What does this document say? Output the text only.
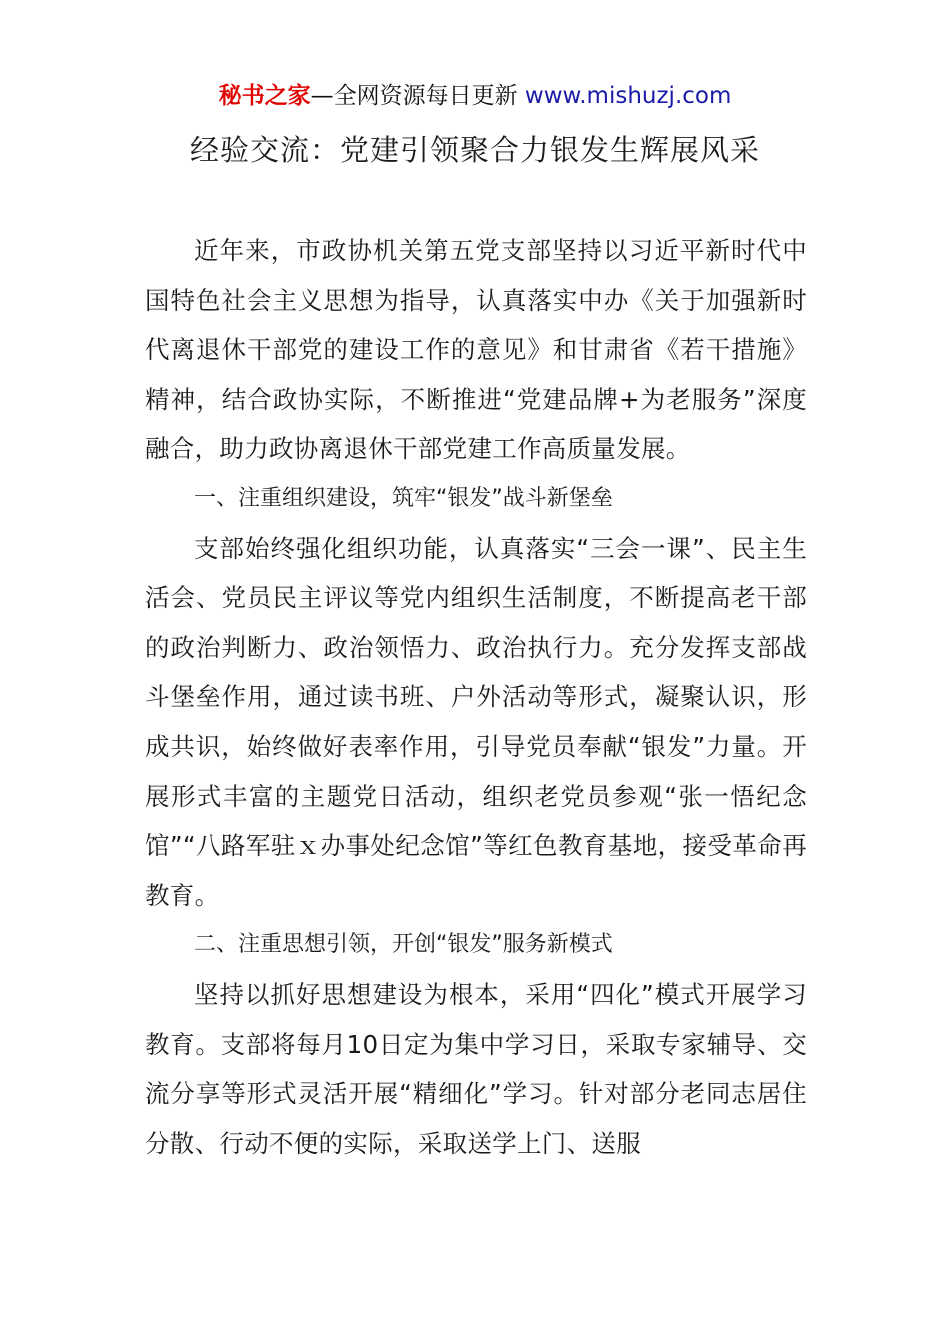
秘书之家—全网资源每日更新 www.mishuzj.com
经验交流：党建引领聚合力银发生辉展风采

近年来，市政协机关第五党支部坚持以习近平新时代中国特色社会主义思想为指导，认真落实中办《关于加强新时代离退休干部党的建设工作的意见》和甘肃省《若干措施》精神，结合政协实际，不断推进“党建品牌+为老服务”深度融合，助力政协离退休干部党建工作高质量发展。

一、注重组织建设，筑牢“银发”战斗新堡垒

支部始终强化组织功能，认真落实“三会一课”、民主生活会、党员民主评议等党内组织生活制度，不断提高老干部的政治判断力、政治领悟力、政治执行力。充分发挥支部战斗堡垒作用，通过读书班、户外活动等形式，凝聚认识，形成共识，始终做好表率作用，引导党员奉献“银发”力量。开展形式丰富的主题党日活动，组织老党员参观“张一悟纪念馆”“八路军驻ｘ办事处纪念馆”等红色教育基地，接受革命再教育。

二、注重思想引领，开创“银发”服务新模式

坚持以抓好思想建设为根本，采用“四化”模式开展学习教育。支部将每月10日定为集中学习日，采取专家辅导、交流分享等形式灵活开展“精细化”学习。针对部分老同志居住分散、行动不便的实际，采取送学上门、送服
